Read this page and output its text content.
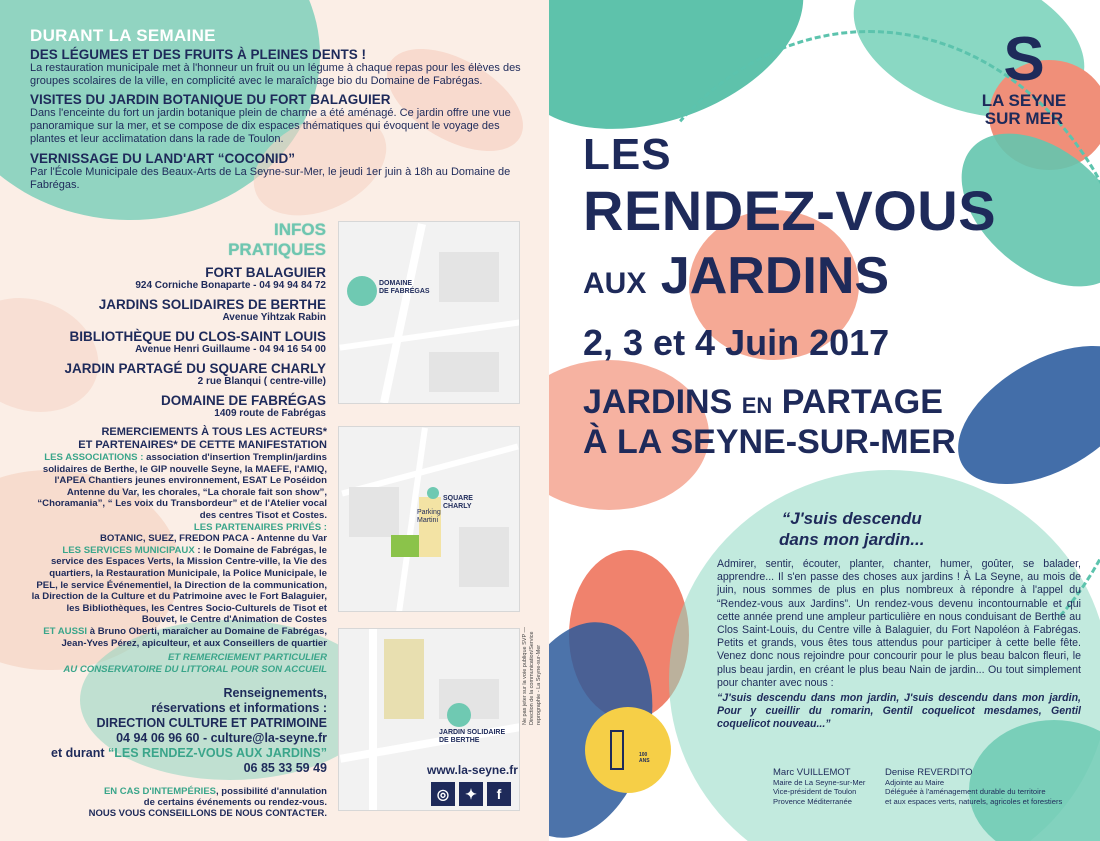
DURANT LA SEMAINE
DES LÉGUMES ET DES FRUITS À PLEINES DENTS !
La restauration municipale met à l'honneur un fruit ou un légume à chaque repas pour les élèves des groupes scolaires de la ville, en complicité avec le maraîchage bio du Domaine de Fabrégas.
VISITES DU JARDIN BOTANIQUE DU FORT BALAGUIER
Dans l'enceinte du fort un jardin botanique plein de charme a été aménagé. Ce jardin offre une vue panoramique sur la mer, et se compose de dix espaces thématiques qui évoquent le voyage des plantes et leur acclimatation dans la rade de Toulon.
VERNISSAGE DU LAND'ART “COCONID”
Par l'École Municipale des Beaux-Arts de La Seyne-sur-Mer, le jeudi 1er juin à 18h au Domaine de Fabrégas.
INFOS
PRATIQUES
FORT BALAGUIER
924 Corniche Bonaparte - 04 94 94 84 72
JARDINS SOLIDAIRES DE BERTHE
Avenue Yihtzak Rabin
BIBLIOTHÈQUE DU CLOS-SAINT LOUIS
Avenue Henri Guillaume - 04 94 16 54 00
JARDIN PARTAGÉ DU SQUARE CHARLY
2 rue Blanqui ( centre-ville)
DOMAINE DE FABRÉGAS
1409 route de Fabrégas
REMERCIEMENTS À TOUS LES ACTEURS*
ET PARTENAIRES* DE CETTE MANIFESTATION
LES ASSOCIATIONS : association d'insertion Tremplin/jardins solidaires de Berthe, le GIP nouvelle Seyne, la MAEFE, l'AMIQ, l'APEA Chantiers jeunes environnement, ESAT Le Poséidon Antenne du Var, les chorales, “La chorale fait son show”, “Choramania”, “ Les voix du Transbordeur” et de l'Atelier vocal des centres Tisot et Costes.
LES PARTENAIRES PRIVÉS :
BOTANIC, SUEZ, FREDON PACA - Antenne du Var
LES SERVICES MUNICIPAUX : le Domaine de Fabrégas, le service des Espaces Verts, la Mission Centre-ville, la Vie des quartiers, la Restauration Municipale, la Police Municipale, le PEL, le service Événementiel, la Direction de la communication, la Direction de la Culture et du Patrimoine avec le Fort Balaguier, les Bibliothèques, les Centres Socio-Culturels de Tisot et Bouvet, le Centre d'Animation de Costes
ET AUSSI à Bruno Oberti, maraîcher au Domaine de Fabrégas, Jean-Yves Pérez, apiculteur, et aux Conseillers de quartier
ET REMERCIEMENT PARTICULIER
AU CONSERVATOIRE DU LITTORAL POUR SON ACCUEIL
Renseignements,
réservations et informations :
DIRECTION CULTURE ET PATRIMOINE
04 94 06 96 60 - culture@la-seyne.fr
et durant “LES RENDEZ-VOUS AUX JARDINS”
06 85 33 59 49
EN CAS D'INTEMPÉRIES, possibilité d'annulation
de certains événements ou rendez-vous.
NOUS VOUS CONSEILLONS DE NOUS CONTACTER.
DOMAINE
DE FABRÉGAS
SQUARE
CHARLY
Parking
Martini
JARDIN SOLIDAIRE
DE BERTHE
www.la-seyne.fr
◎	✦	f
Ne pas jeter sur la voie publique SVP — Direction de la communication/Service reprographie - La Seyne-sur-Mer
S
LA SEYNE
SUR MER
LES
RENDEZ-VOUS
AUX JARDINS
2, 3 et 4 Juin 2017
JARDINS EN PARTAGE
À LA SEYNE-SUR-MER
“J'suis descendu
dans mon jardin...
Admirer, sentir, écouter, planter, chanter, humer, goûter, se balader, apprendre... Il s'en passe des choses aux jardins ! À La Seyne, au mois de juin, nous sommes de plus en plus nombreux à répondre à l'appel du “Rendez-vous aux Jardins”. Un rendez-vous devenu incontournable et qui cette année prend une ampleur particulière en nous conduisant de Berthe au Clos Saint-Louis, du Centre ville à Balaguier, du Fort Napoléon à Fabrégas. Petits et grands, vous êtes tous attendus pour participer à cette belle fête. Venez donc nous rejoindre pour concourir pour le plus beau balcon fleuri, le plus beau jardin, en créant le plus beau Nain de jardin... Ou tout simplement pour chanter avec nous :
“J'suis descendu dans mon jardin, J'suis descendu dans mon jardin, Pour y cueillir du romarin, Gentil coquelicot mesdames, Gentil coquelicot nouveau...”
100
ANS
Marc VUILLEMOT
Maire de La Seyne-sur-Mer
Vice-président de Toulon
Provence Méditerranée
Denise REVERDITO
Adjointe au Maire
Déléguée à l'aménagement durable du territoire
et aux espaces verts, naturels, agricoles et forestiers
